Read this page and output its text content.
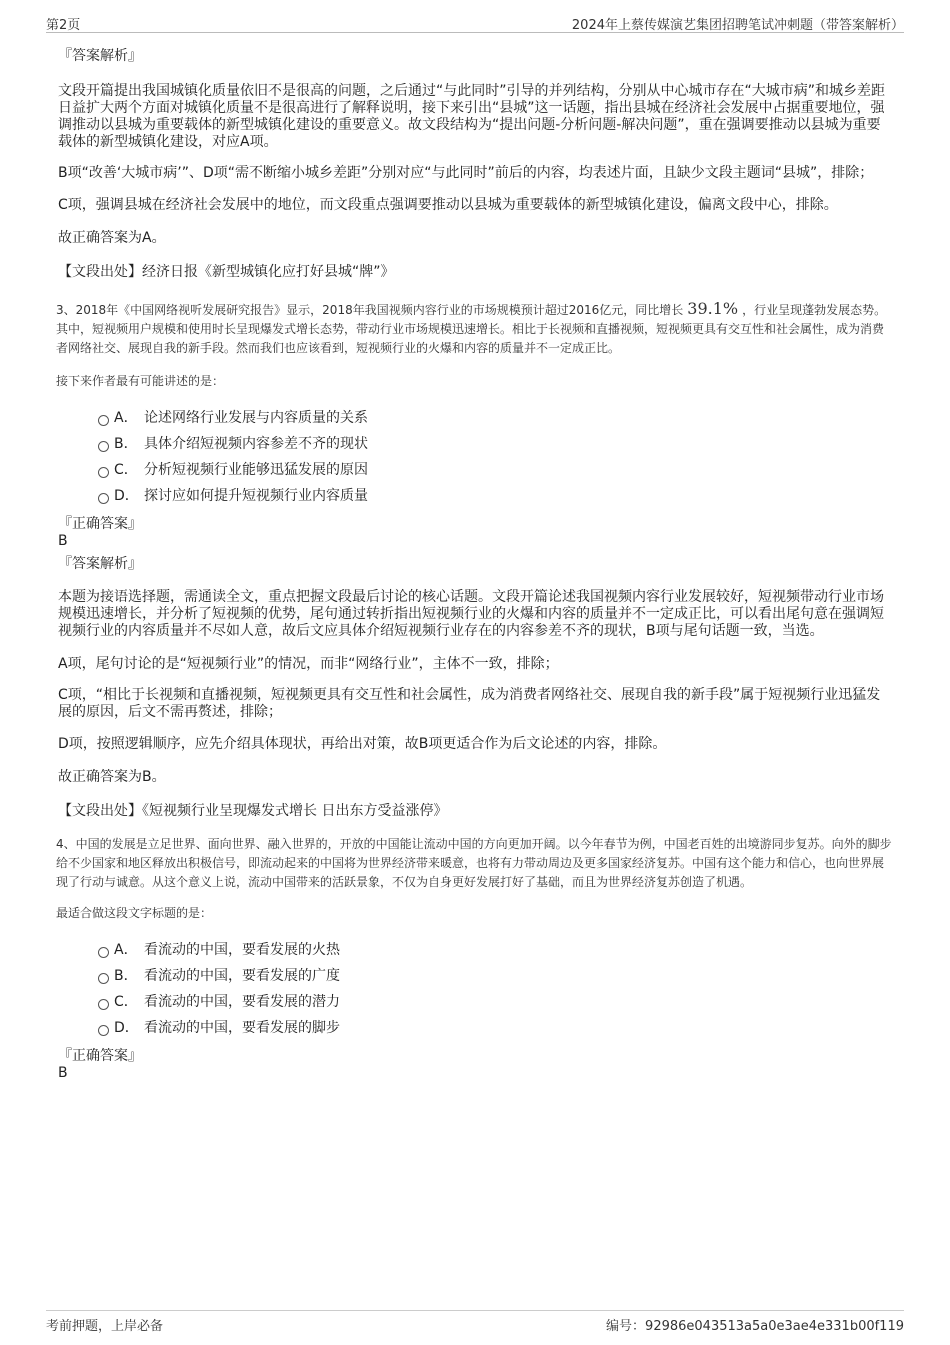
第2页	2024年上蔡传媒演艺集团招聘笔试冲刺题（带答案解析）
『答案解析』

文段开篇提出我国城镇化质量依旧不是很高的问题，之后通过“与此同时”引导的并列结构，分别从中心城市存在“大城市病”和城乡差距日益扩大两个方面对城镇化质量不是很高进行了解释说明，接下来引出“县城”这一话题，指出县城在经济社会发展中占据重要地位，强调推动以县城为重要载体的新型城镇化建设的重要意义。故文段结构为“提出问题-分析问题-解决问题”，重在强调要推动以县城为重要载体的新型城镇化建设，对应A项。

B项“改善‘大城市病’”、D项“需不断缩小城乡差距”分别对应“与此同时”前后的内容，均表述片面，且缺少文段主题词“县城”，排除；

C项，强调县城在经济社会发展中的地位，而文段重点强调要推动以县城为重要载体的新型城镇化建设，偏离文段中心，排除。

故正确答案为A。

【文段出处】经济日报《新型城镇化应打好县城“牌”》

3、2018年《中国网络视听发展研究报告》显示，2018年我国视频内容行业的市场规模预计超过2016亿元，同比增长 39.1% ，行业呈现蓬勃发展态势。其中，短视频用户规模和使用时长呈现爆发式增长态势，带动行业市场规模迅速增长。相比于长视频和直播视频，短视频更具有交互性和社会属性，成为消费者网络社交、展现自我的新手段。然而我们也应该看到，短视频行业的火爆和内容的质量并不一定成正比。

接下来作者最有可能讲述的是：

A． 论述网络行业发展与内容质量的关系
B． 具体介绍短视频内容参差不齐的现状
C． 分析短视频行业能够迅猛发展的原因
D． 探讨应如何提升短视频行业内容质量
『正确答案』
B
『答案解析』

本题为接语选择题，需通读全文，重点把握文段最后讨论的核心话题。文段开篇论述我国视频内容行业发展较好，短视频带动行业市场规模迅速增长，并分析了短视频的优势，尾句通过转折指出短视频行业的火爆和内容的质量并不一定成正比，可以看出尾句意在强调短视频行业的内容质量并不尽如人意，故后文应具体介绍短视频行业存在的内容参差不齐的现状，B项与尾句话题一致，当选。

A项，尾句讨论的是“短视频行业”的情况，而非“网络行业”，主体不一致，排除；

C项，“相比于长视频和直播视频，短视频更具有交互性和社会属性，成为消费者网络社交、展现自我的新手段”属于短视频行业迅猛发展的原因，后文不需再赘述，排除；

D项，按照逻辑顺序，应先介绍具体现状，再给出对策，故B项更适合作为后文论述的内容，排除。

故正确答案为B。

【文段出处】《短视频行业呈现爆发式增长 日出东方受益涨停》

4、中国的发展是立足世界、面向世界、融入世界的，开放的中国能让流动中国的方向更加开阔。以今年春节为例，中国老百姓的出境游同步复苏。向外的脚步给不少国家和地区释放出积极信号，即流动起来的中国将为世界经济带来暖意，也将有力带动周边及更多国家经济复苏。中国有这个能力和信心，也向世界展现了行动与诚意。从这个意义上说，流动中国带来的活跃景象，不仅为自身更好发展打好了基础，而且为世界经济复苏创造了机遇。

最适合做这段文字标题的是：

A． 看流动的中国，要看发展的火热
B． 看流动的中国，要看发展的广度
C． 看流动的中国，要看发展的潜力
D． 看流动的中国，要看发展的脚步
『正确答案』
B
考前押题，上岸必备	编号：92986e043513a5a0e3ae4e331b00f119
